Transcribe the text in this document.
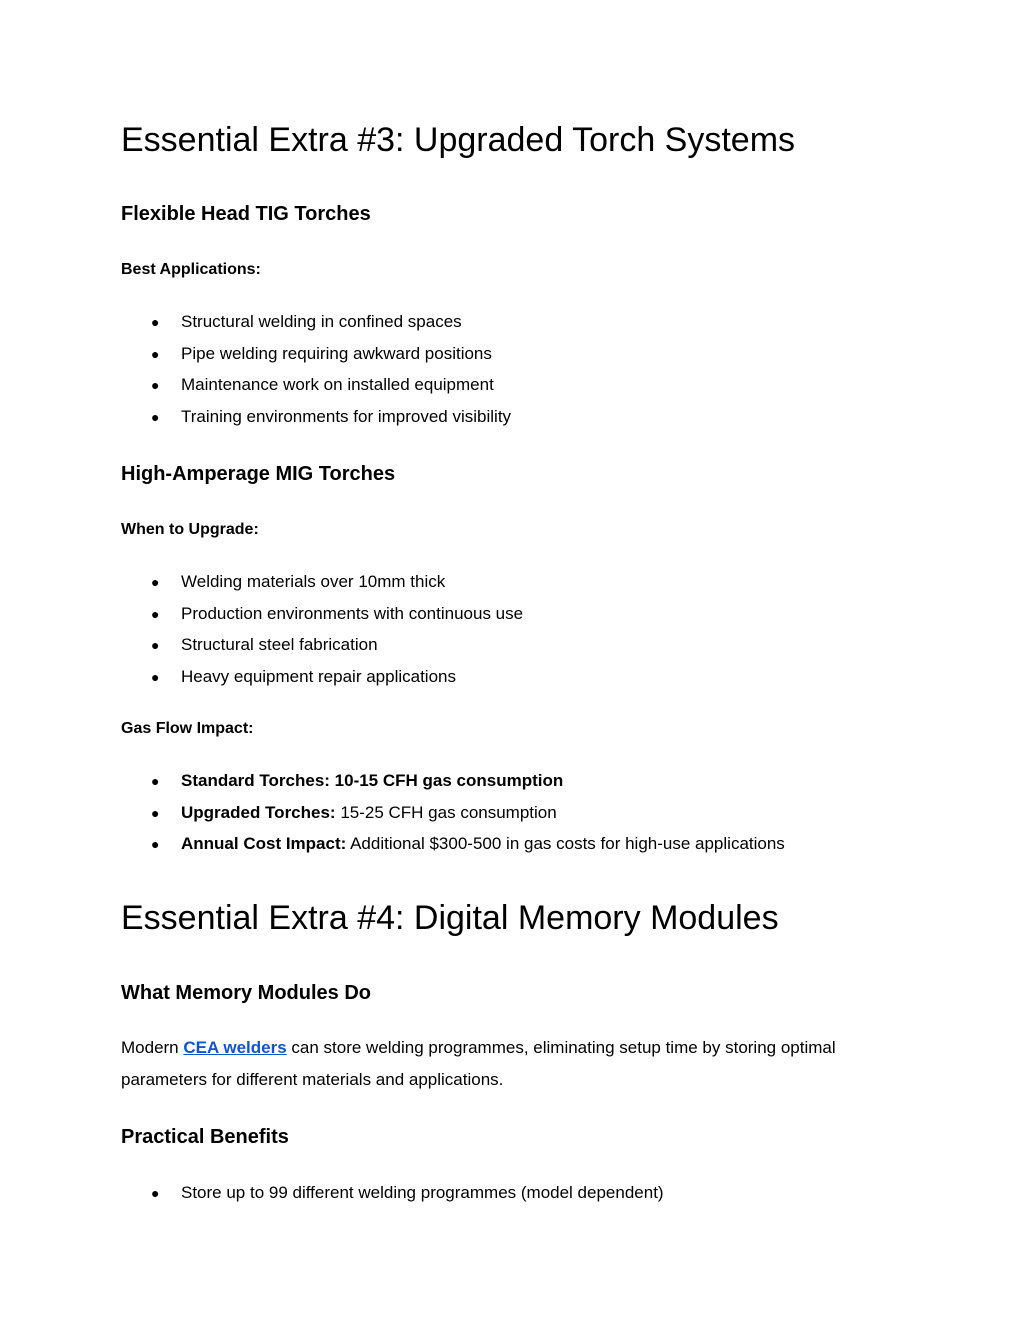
Essential Extra #3: Upgraded Torch Systems
Flexible Head TIG Torches
Best Applications:
● Structural welding in confined spaces
● Pipe welding requiring awkward positions
● Maintenance work on installed equipment
● Training environments for improved visibility
High-Amperage MIG Torches
When to Upgrade:
● Welding materials over 10mm thick
● Production environments with continuous use
● Structural steel fabrication
● Heavy equipment repair applications
Gas Flow Impact:
● Standard Torches: 10-15 CFH gas consumption
● Upgraded Torches: 15-25 CFH gas consumption
● Annual Cost Impact: Additional $300-500 in gas costs for high-use applications
Essential Extra #4: Digital Memory Modules
What Memory Modules Do
Modern CEA welders can store welding programmes, eliminating setup time by storing optimal parameters for different materials and applications.
Practical Benefits
● Store up to 99 different welding programmes (model dependent)
